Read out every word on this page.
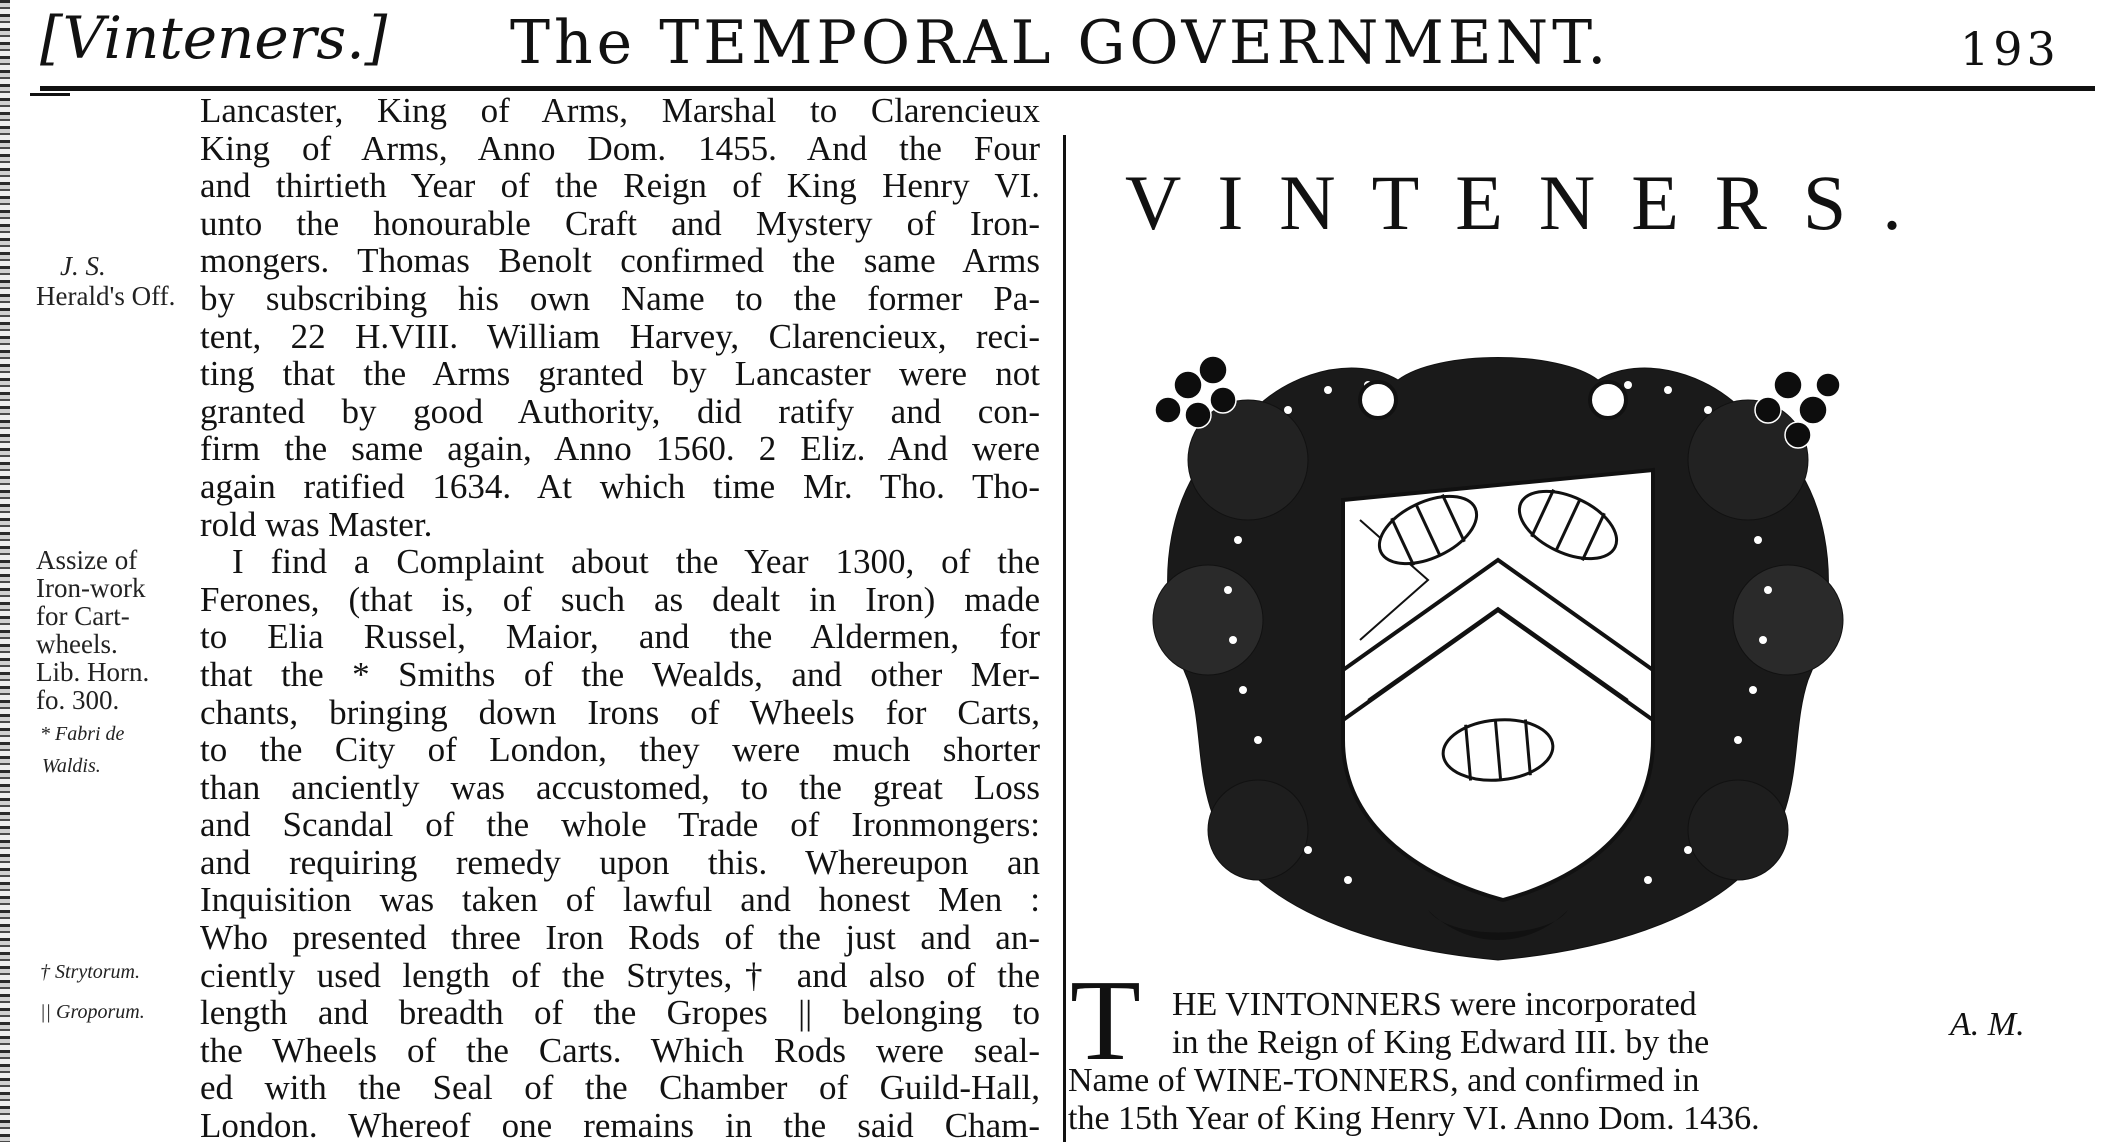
[Vinteners.] The TEMPORAL GOVERNMENT.	193
J. S.
Herald's Off.
Assize of
Iron-work
for Cart-
wheels.
Lib. Horn.
fo. 300.
* Fabri de
Waldis.
† Strytorum.
|| Groporum.
Lancaster, King of Arms, Marshal to Clarencieux
King of Arms, Anno Dom. 1455. And the Four
and thirtieth Year of the Reign of King Henry VI.
unto the honourable Craft and Mystery of Iron-
mongers. Thomas Benolt confirmed the same Arms
by subscribing his own Name to the former Pa-
tent, 22 H.VIII. William Harvey, Clarencieux, reci-
ting that the Arms granted by Lancaster were not
granted by good Authority, did ratify and con-
firm the same again, Anno 1560. 2 Eliz. And were
again ratified 1634. At which time Mr. Tho. Tho-
rold was Master.
I find a Complaint about the Year 1300, of the
Ferones, (that is, of such as dealt in Iron) made
to Elia Russel, Maior, and the Aldermen, for
that the * Smiths of the Wealds, and other Mer-
chants, bringing down Irons of Wheels for Carts,
to the City of London, they were much shorter
than anciently was accustomed, to the great Loss
and Scandal of the whole Trade of Ironmongers:
and requiring remedy upon this. Whereupon an
Inquisition was taken of lawful and honest Men :
Who presented three Iron Rods of the just and an-
ciently used length of the Strytes,† and also of the
length and breadth of the Gropes || belonging to
the Wheels of the Carts. Which Rods were seal-
ed with the Seal of the Chamber of Guild-Hall,
London. Whereof one remains in the said Cham-
VINTENERS.
T HE VINTONNERS were incorporated
in the Reign of King Edward III. by the
Name of WINE-TONNERS, and confirmed in
the 15th Year of King Henry VI. Anno Dom. 1436.
A. M.
